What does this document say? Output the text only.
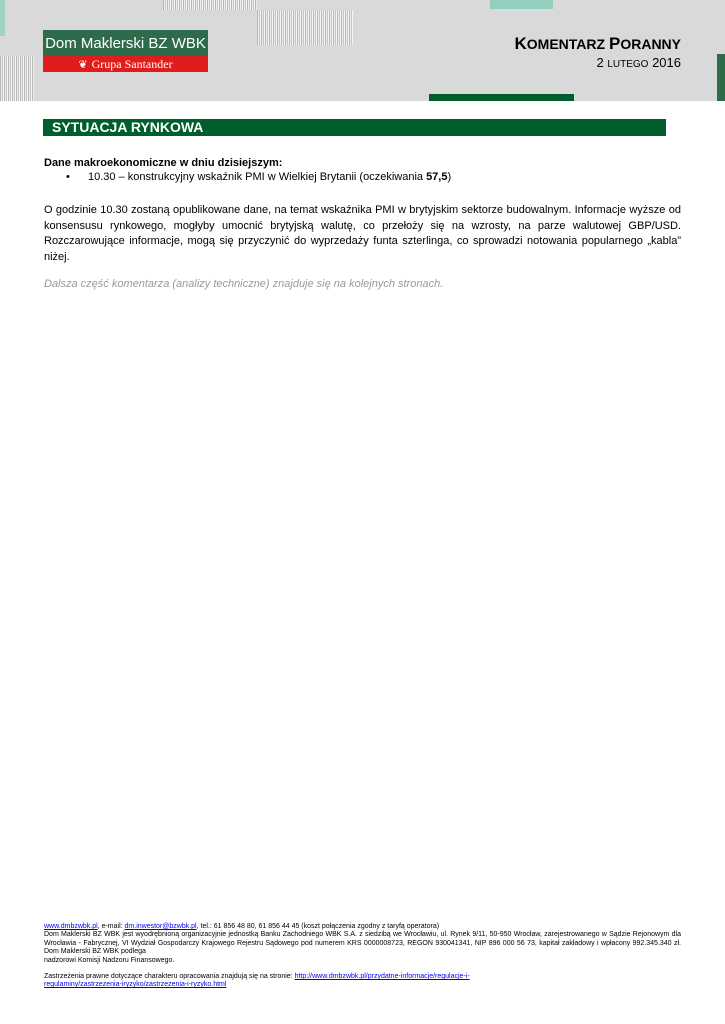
Dom Maklerski BZ WBK
❦ Grupa Santander
KOMENTARZ PORANNY
2 LUTEGO 2016
SYTUACJA RYNKOWA
Dane makroekonomiczne w dniu dzisiejszym:
• 10.30 – konstrukcyjny wskaźnik PMI w Wielkiej Brytanii (oczekiwania 57,5)
O godzinie 10.30 zostaną opublikowane dane, na temat wskaźnika PMI w brytyjskim sektorze budowalnym. Informacje wyższe od konsensusu rynkowego, mogłyby umocnić brytyjską walutę, co przełoży się na wzrosty, na parze walutowej GBP/USD. Rozczarowujące informacje, mogą się przyczynić do wyprzedaży funta szterlinga, co sprowadzi notowania popularnego „kabla” niżej.
Dalsza część komentarza (analizy techniczne) znajduje się na kolejnych stronach.
www.dmbzwbk.pl, e-mail: dm.inwestor@bzwbk.pl, tel.: 61 856 48 80, 61 856 44 45 (koszt połączenia zgodny z taryfą operatora)
Dom Maklerski BZ WBK jest wyodrębnioną organizacyjnie jednostką Banku Zachodniego WBK S.A. z siedzibą we Wrocławiu, ul. Rynek 9/11, 50-950 Wrocław, zarejestrowanego w Sądzie Rejonowym dla Wrocławia - Fabrycznej, VI Wydział Gospodarczy Krajowego Rejestru Sądowego pod numerem KRS 0000008723, REGON 930041341, NIP 896 000 56 73, kapitał zakładowy i wpłacony 992.345.340 zł. Dom Maklerski BZ WBK podlega
nadzorowi Komisji Nadzoru Finansowego.
Zastrzeżenia prawne dotyczące charakteru opracowania znajdują się na stronie: http://www.dmbzwbk.pl/przydatne-informacje/regulacje-i-
regulaminy/zastrzezenia-iryzyko/zastrzezenia-i-ryzyko.html
